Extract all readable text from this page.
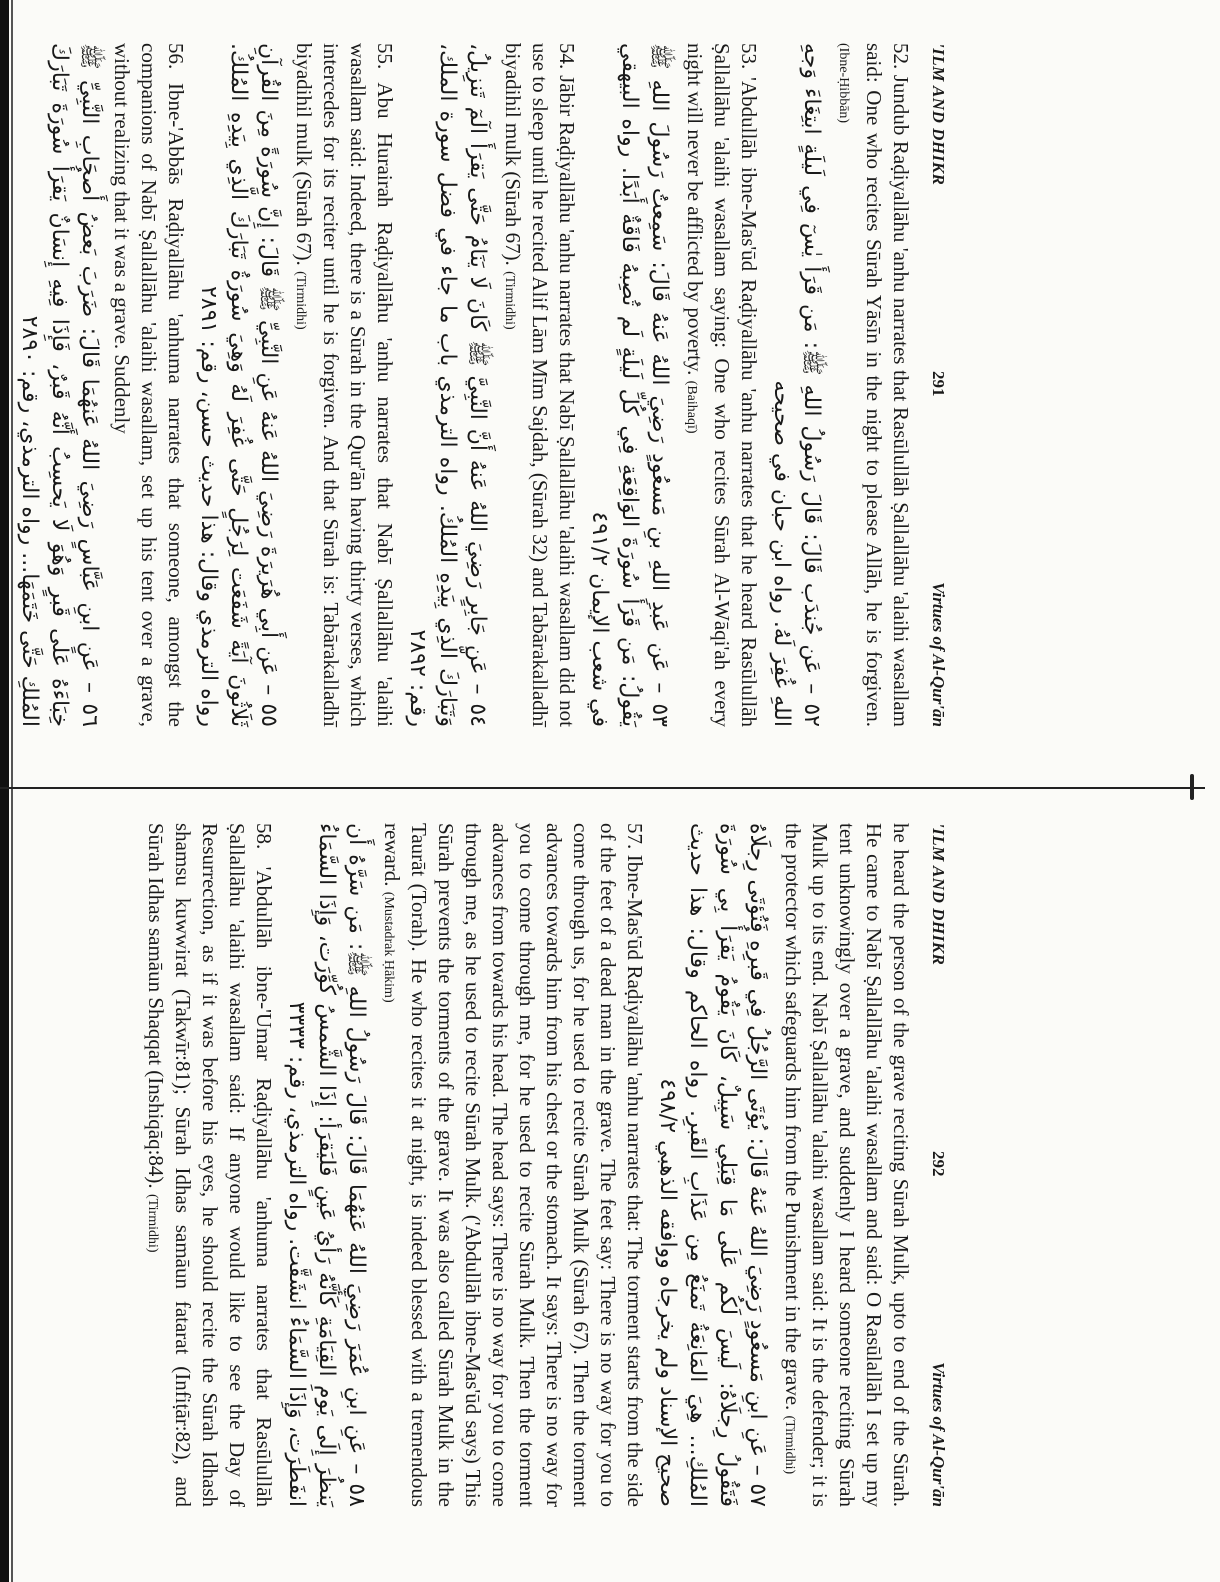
'ILM AND DHIKR
291
Virtues of Al-Qur'ān

52. Jundub Raḍiyallāhu 'anhu narrates that Rasūlullāh Ṣallallāhu 'alaihi wasallam said: One who recites Sūrah Yāsīn in the night to please Allāh, he is forgiven. (Ibne-Ḥibbān)

٥٢ – عَن جُندَب قَالَ: قَالَ رَسُولُ اللهِ ﷺ: مَن قَرَأَ يٰسٓ فِي لَيلَةٍ ابتِغَاءَ وَجهِ اللهِ غُفِرَ لَهُ. رواه ابن حبان في صحيحه

53. 'Abdullāh ibne-Mas'ūd Raḍiyallāhu 'anhu narrates that he heard Rasūlullāh Ṣallallāhu 'alaihi wasallam saying: One who recites Sūrah Al-Wāqi'ah every night will never be afflicted by poverty. (Baihaqī)

٥٣ – عَن عَبدِ اللهِ بنِ مَسعُودٍ رَضِيَ اللهُ عَنهُ قَالَ: سَمِعتُ رَسُولَ اللهِ ﷺ يَقُولُ: مَن قَرَأَ سُورَةَ الوَاقِعَةِ فِي كُلِّ لَيلَةٍ لَم تُصِبهُ فَاقَةٌ أَبَدًا. رواه البيهقي في شعب الإيمان ٤٩١/٢

54. Jābir Raḍiyallāhu 'anhu narrates that Nabī Ṣallallāhu 'alaihi wasallam did not use to sleep until he recited Alif Lām Mīm Sajdah, (Sūrah 32) and Tabārakalladhī biyadihil mulk (Sūrah 67). (Tirmidhi)

٥٤ – عَن جَابِرٍ رَضِيَ اللهُ عَنهُ أَنَّ النَّبِيَّ ﷺ كَانَ لَا يَنَامُ حَتَّى يَقرَأَ الٓمٓ تَنزِيلُ، وَتَبَارَكَ الَّذِي بِيَدِهِ المُلكُ. رواه الترمذي باب ما جاء في فضل سورة الملك، رقم: ٢٨٩٢

55. Abu Hurairah Raḍiyallāhu 'anhu narrates that Nabī Ṣallallāhu 'alaihi wasallam said: Indeed, there is a Sūrah in the Qur'ān having thirty verses, which intercedes for its reciter until he is forgiven. And that Sūrah is: Tabārakalladhī biyadihil mulk (Sūrah 67). (Tirmidhi)

٥٥ – عَن أَبِي هُرَيرَةَ رَضِيَ اللهُ عَنهُ عَنِ النَّبِيِّ ﷺ قَالَ: إِنَّ سُورَةً مِنَ القُرآنِ ثَلَاثُونَ آيَةً شَفَعَت لِرَجُلٍ حَتَّى غُفِرَ لَهُ وَهِيَ سُورَةُ تَبَارَكَ الَّذِي بِيَدِهِ المُلكُ. رواه الترمذي وقال: هذا حديث حسن، رقم: ٢٨٩١

56. Ibne-'Abbās Raḍiyallāhu 'anhuma narrates that someone, amongst the companions of Nabī Ṣallallāhu 'alaihi wasallam, set up his tent over a grave, without realizing that it was a grave. Suddenly

٥٦ – عَنِ ابنِ عَبَّاسٍ رَضِيَ اللهُ عَنهُمَا قَالَ: ضَرَبَ بَعضُ أَصحَابِ النَّبِيِّ ﷺ خِبَاءَهُ عَلَى قَبرٍ وَهُوَ لَا يَحسِبُ أَنَّهُ قَبرٌ، فَإِذَا فِيهِ إِنسَانٌ يَقرَأُ سُورَةَ تَبَارَكَ المُلكِ حَتَّى خَتَمَهَا... رواه الترمذي، رقم: ٢٨٩٠
'ILM AND DHIKR
292
Virtues of Al-Qur'ān

he heard the person of the grave reciting Sūrah Mulk, upto to end of the Sūrah. He came to Nabī Ṣallallāhu 'alaihi wasallam and said: O Rasūlallāh I set up my tent unknowingly over a grave, and suddenly I heard someone reciting Sūrah Mulk up to its end. Nabī Ṣallallāhu 'alaihi wasallam said: It is the defender; it is the protector which safeguards him from the Punishment in the grave. (Tirmidhi)

٥٧ – عَنِ ابنِ مَسعُودٍ رَضِيَ اللهُ عَنهُ قَالَ: يُؤتَى الرَّجُلُ فِي قَبرِهِ فَتُؤتَى رِجلَاهُ فَتَقُولُ رِجلَاهُ: لَيسَ لَكُم عَلَى مَا قِبَلِي سَبِيلٌ، كَانَ يَقُومُ يَقرَأُ بِي سُورَةَ المُلكِ... هِيَ المَانِعَةُ تَمنَعُ مِن عَذَابِ القَبرِ. رواه الحاكم وقال: هذا حديث صحيح الإسناد ولم يخرجاه ووافقه الذهبي ٤٩٨/٢

57. Ibne-Mas'ūd Raḍiyallāhu 'anhu narrates that: The torment starts from the side of the feet of a dead man in the grave. The feet say: There is no way for you to come through us, for he used to recite Sūrah Mulk (Sūrah 67). Then the torment advances towards him from his chest or the stomach. It says: There is no way for you to come through me, for he used to recite Sūrah Mulk. Then the torment advances from towards his head. The head says: There is no way for you to come through me, as he used to recite Sūrah Mulk. ('Abdullāh ibne-Mas'ūd says) This Sūrah prevents the torments of the grave. It was also called Sūrah Mulk in the Taurāt (Torah). He who recites it at night, is indeed blessed with a tremendous reward. (Mustadrak Ḥākim)

٥٨ – عَنِ ابنِ عُمَرَ رَضِيَ اللهُ عَنهُمَا قَالَ: قَالَ رَسُولُ اللهِ ﷺ: مَن سَرَّهُ أَن يَنظُرَ إِلَى يَومِ القِيَامَةِ كَأَنَّهُ رَأيُ عَينٍ فَليَقرَأ: إِذَا الشَّمسُ كُوِّرَت، وَإِذَا السَّمَاءُ انفَطَرَت، وَإِذَا السَّمَاءُ انشَقَّت. رواه الترمذي، رقم: ٣٣٣٣

58. 'Abdullāh ibne-'Umar Raḍiyallāhu 'anhuma narrates that Rasūlullāh Ṣallallāhu 'alaihi wasallam said: If anyone would like to see the Day of Resurrection, as if it was before his eyes, he should recite the Sūrah Idhash shamsu kuwwirat (Takwīr:81); Sūrah Idhas samāun fatarat (Infiṭār:82), and Sūrah Idhas samāun Shaqqat (Inshiqāq:84). (Tirmidhi)
